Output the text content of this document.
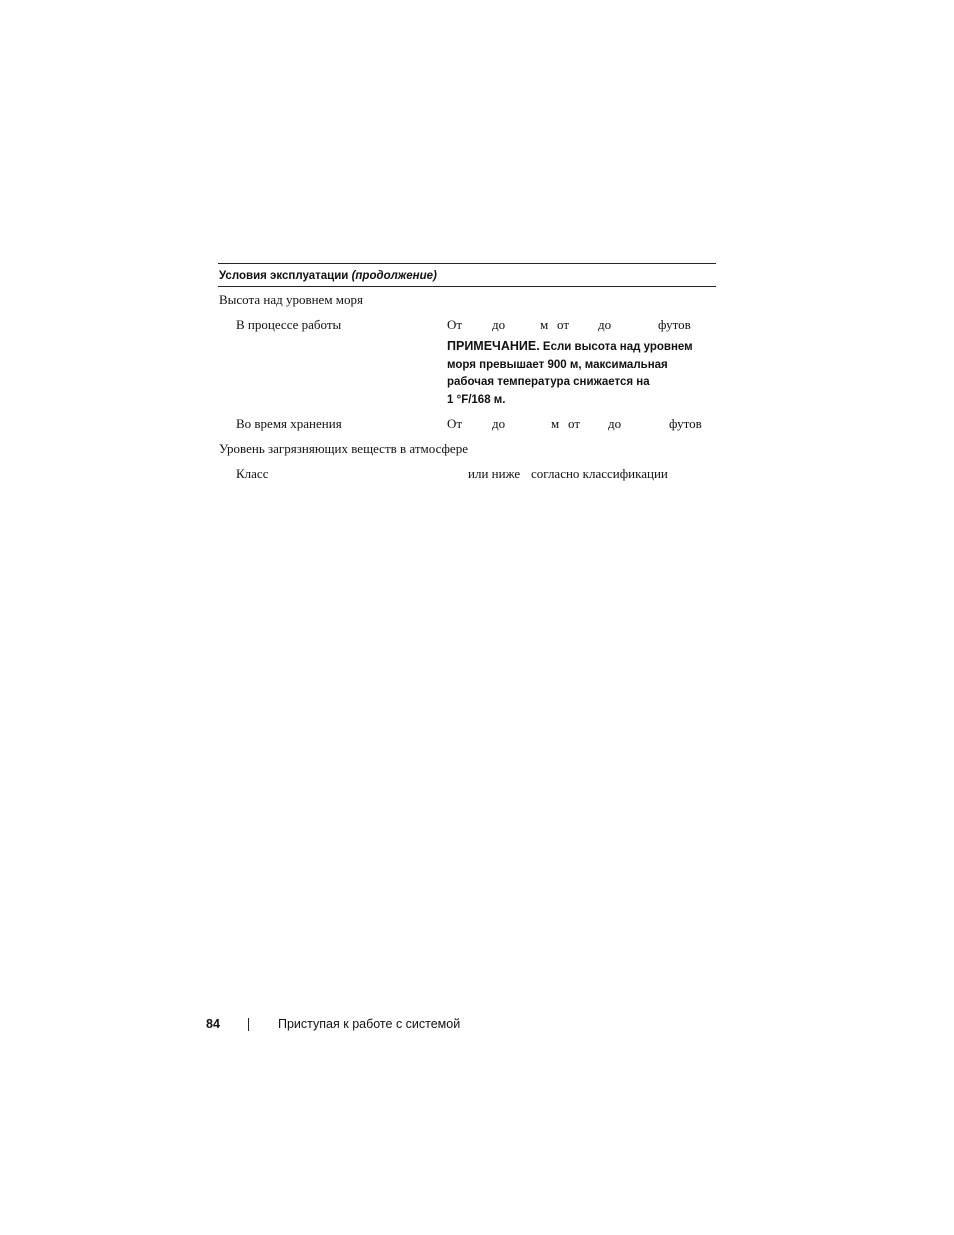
Условия эксплуатации (продолжение)
Высота над уровнем моря
В процессе работы	От до	м от до	футов
ПРИМЕЧАНИЕ. Если высота над уровнем
моря превышает 900 м, максимальная
рабочая температура снижается на
1 °F/168 м.
Во время хранения	От до	м от до	футов
Уровень загрязняющих веществ в атмосфере
Класс	или ниже согласно классификации
84	Приступая к работе с системой
